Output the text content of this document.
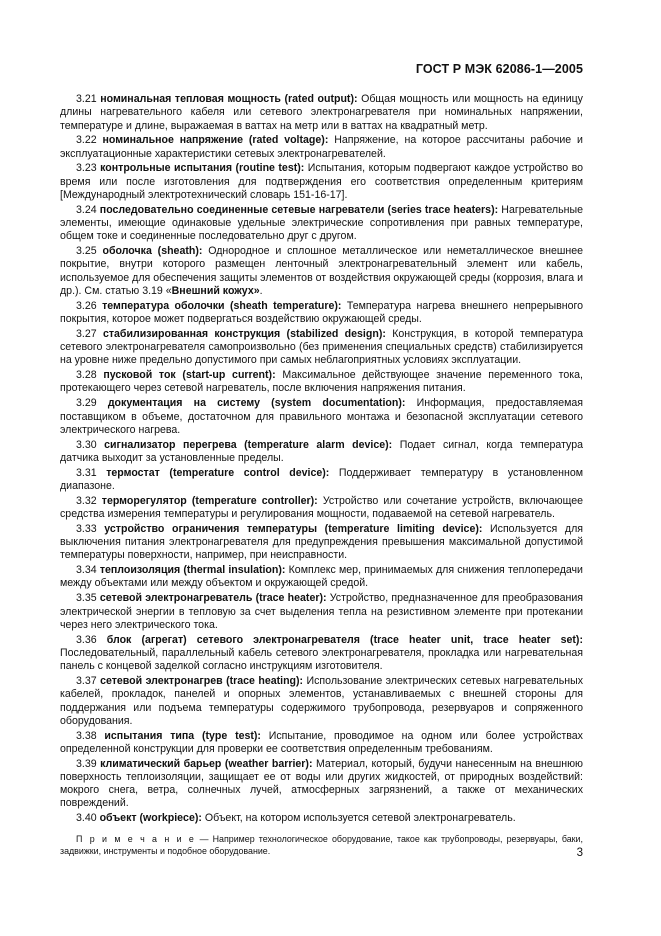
ГОСТ Р МЭК 62086-1—2005

3.21 номинальная тепловая мощность (rated output): Общая мощность или мощность на единицу длины нагревательного кабеля или сетевого электронагревателя при номинальных напряжении, температуре и длине, выражаемая в ваттах на метр или в ваттах на квадратный метр.

3.22 номинальное напряжение (rated voltage): Напряжение, на которое рассчитаны рабочие и эксплуатационные характеристики сетевых электронагревателей.

3.23 контрольные испытания (routine test): Испытания, которым подвергают каждое устройство во время или после изготовления для подтверждения его соответствия определенным критериям [Международный электротехнический словарь 151-16-17].

3.24 последовательно соединенные сетевые нагреватели (series trace heaters): Нагревательные элементы, имеющие одинаковые удельные электрические сопротивления при равных температуре, общем токе и соединенные последовательно друг с другом.

3.25 оболочка (sheath): Однородное и сплошное металлическое или неметаллическое внешнее покрытие, внутри которого размещен ленточный электронагревательный элемент или кабель, используемое для обеспечения защиты элементов от воздействия окружающей среды (коррозия, влага и др.). См. статью 3.19 «Внешний кожух».

3.26 температура оболочки (sheath temperature): Температура нагрева внешнего непрерывного покрытия, которое может подвергаться воздействию окружающей среды.

3.27 стабилизированная конструкция (stabilized design): Конструкция, в которой температура сетевого электронагревателя самопроизвольно (без применения специальных средств) стабилизируется на уровне ниже предельно допустимого при самых неблагоприятных условиях эксплуатации.

3.28 пусковой ток (start-up current): Максимальное действующее значение переменного тока, протекающего через сетевой нагреватель, после включения напряжения питания.

3.29 документация на систему (system documentation): Информация, предоставляемая поставщиком в объеме, достаточном для правильного монтажа и безопасной эксплуатации сетевого электрического нагрева.

3.30 сигнализатор перегрева (temperature alarm device): Подает сигнал, когда температура датчика выходит за установленные пределы.

3.31 термостат (temperature control device): Поддерживает температуру в установленном диапазоне.

3.32 терморегулятор (temperature controller): Устройство или сочетание устройств, включающее средства измерения температуры и регулирования мощности, подаваемой на сетевой нагреватель.

3.33 устройство ограничения температуры (temperature limiting device): Используется для выключения питания электронагревателя для предупреждения превышения максимальной допустимой температуры поверхности, например, при неисправности.

3.34 теплоизоляция (thermal insulation): Комплекс мер, принимаемых для снижения теплопередачи между объектами или между объектом и окружающей средой.

3.35 сетевой электронагреватель (trace heater): Устройство, предназначенное для преобразования электрической энергии в тепловую за счет выделения тепла на резистивном элементе при протекании через него электрического тока.

3.36 блок (агрегат) сетевого электронагревателя (trace heater unit, trace heater set): Последовательный, параллельный кабель сетевого электронагревателя, прокладка или нагревательная панель с концевой заделкой согласно инструкциям изготовителя.

3.37 сетевой электронагрев (trace heating): Использование электрических сетевых нагревательных кабелей, прокладок, панелей и опорных элементов, устанавливаемых с внешней стороны для поддержания или подъема температуры содержимого трубопровода, резервуаров и сопряженного оборудования.

3.38 испытания типа (type test): Испытание, проводимое на одном или более устройствах определенной конструкции для проверки ее соответствия определенным требованиям.

3.39 климатический барьер (weather barrier): Материал, который, будучи нанесенным на внешнюю поверхность теплоизоляции, защищает ее от воды или других жидкостей, от природных воздействий: мокрого снега, ветра, солнечных лучей, атмосферных загрязнений, а также от механических повреждений.

3.40 объект (workpiece): Объект, на котором используется сетевой электронагреватель.

П р и м е ч а н и е — Например технологическое оборудование, такое как трубопроводы, резервуары, баки, задвижки, инструменты и подобное оборудование.	3
